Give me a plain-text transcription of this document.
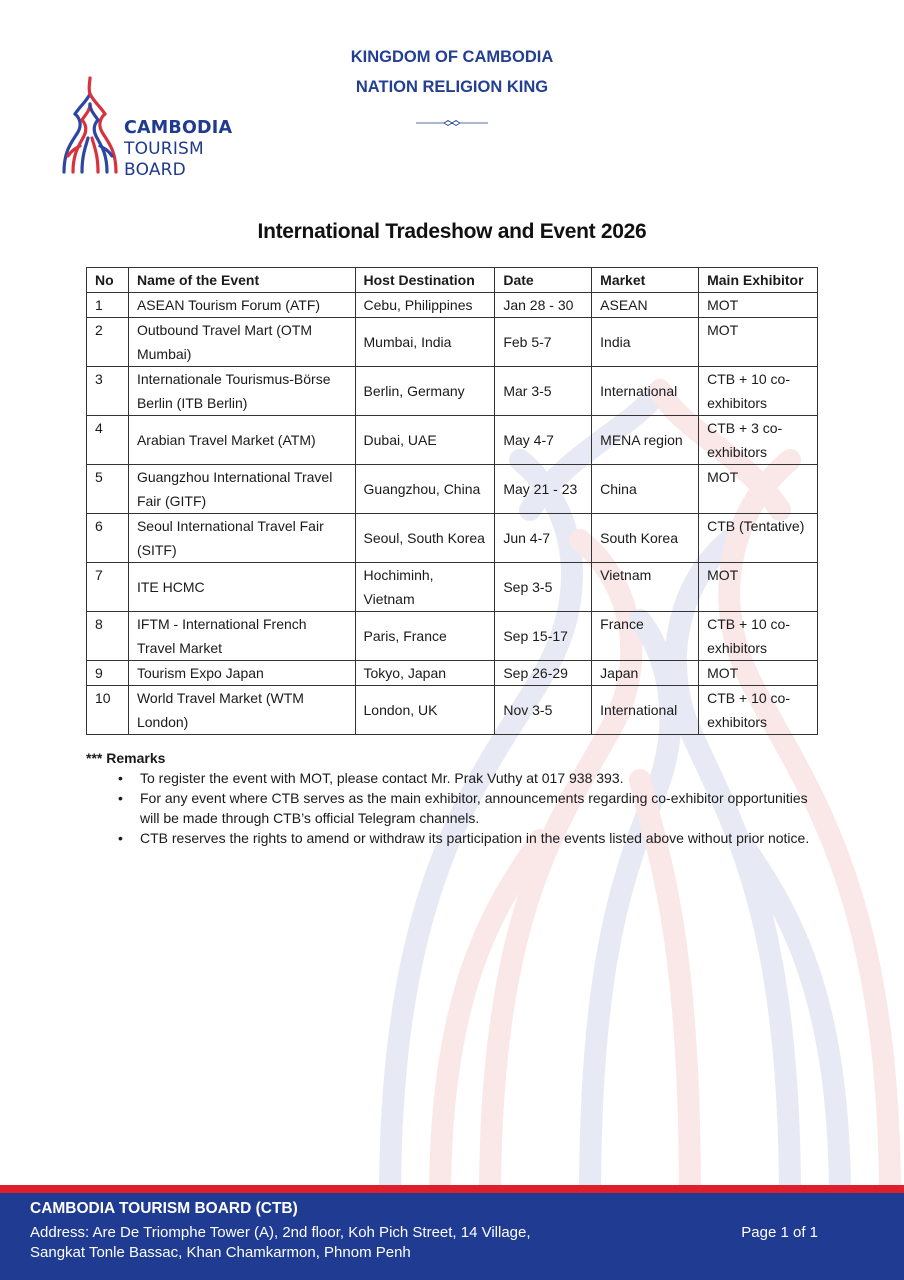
CAMBODIA
TOURISM
BOARD
KINGDOM OF CAMBODIA
NATION RELIGION KING
International Tradeshow and Event 2026
No	Name of the Event	Host Destination	Date	Market	Main Exhibitor
1	ASEAN Tourism Forum (ATF)	Cebu, Philippines	Jan 28 - 30	ASEAN	MOT
2	Outbound Travel Mart (OTM Mumbai)	Mumbai, India	Feb 5-7	India	MOT
3	Internationale Tourismus-Börse Berlin (ITB Berlin)	Berlin, Germany	Mar 3-5	International	CTB + 10 co-exhibitors
4	Arabian Travel Market (ATM)	Dubai, UAE	May 4-7	MENA region	CTB + 3 co-exhibitors
5	Guangzhou International Travel Fair (GITF)	Guangzhou, China	May 21 - 23	China	MOT
6	Seoul International Travel Fair (SITF)	Seoul, South Korea	Jun 4-7	South Korea	CTB (Tentative)
7	ITE HCMC	Hochiminh, Vietnam	Sep 3-5	Vietnam	MOT
8	IFTM - International French Travel Market	Paris, France	Sep 15-17	France	CTB + 10 co-exhibitors
9	Tourism Expo Japan	Tokyo, Japan	Sep 26-29	Japan	MOT
10	World Travel Market (WTM London)	London, UK	Nov 3-5	International	CTB + 10 co-exhibitors
*** Remarks
• To register the event with MOT, please contact Mr. Prak Vuthy at 017 938 393.
• For any event where CTB serves as the main exhibitor, announcements regarding co-exhibitor opportunities will be made through CTB’s official Telegram channels.
• CTB reserves the rights to amend or withdraw its participation in the events listed above without prior notice.
CAMBODIA TOURISM BOARD (CTB)
Address: Are De Triomphe Tower (A), 2nd floor, Koh Pich Street, 14 Village,
Sangkat Tonle Bassac, Khan Chamkarmon, Phnom Penh
Page 1 of 1
